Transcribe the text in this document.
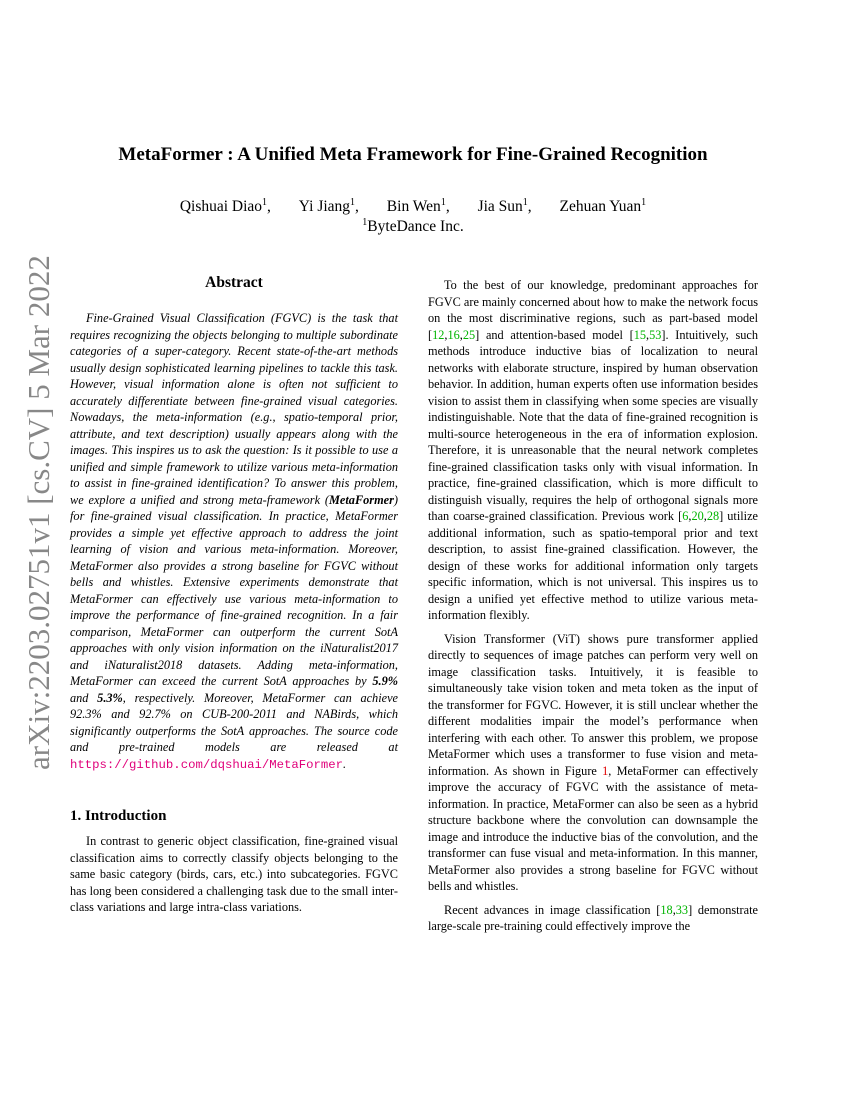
arXiv:2203.02751v1 [cs.CV] 5 Mar 2022
MetaFormer : A Unified Meta Framework for Fine-Grained Recognition
Qishuai Diao$^1$, Yi Jiang$^1$, Bin Wen$^1$, Jia Sun$^1$, Zehuan Yuan$^1$
$^1$ByteDance Inc.
Abstract

Fine-Grained Visual Classification (FGVC) is the task that requires recognizing the objects belonging to multiple subordinate categories of a super-category. Recent state-of-the-art methods usually design sophisticated learning pipelines to tackle this task. However, visual information alone is often not sufficient to accurately differentiate between fine-grained visual categories. Nowadays, the meta-information (e.g., spatio-temporal prior, attribute, and text description) usually appears along with the images. This inspires us to ask the question: Is it possible to use a unified and simple framework to utilize various meta-information to assist in fine-grained identification? To answer this problem, we explore a unified and strong meta-framework (MetaFormer) for fine-grained visual classification. In practice, MetaFormer provides a simple yet effective approach to address the joint learning of vision and various meta-information. Moreover, MetaFormer also provides a strong baseline for FGVC without bells and whistles. Extensive experiments demonstrate that MetaFormer can effectively use various meta-information to improve the performance of fine-grained recognition. In a fair comparison, MetaFormer can outperform the current SotA approaches with only vision information on the iNaturalist2017 and iNaturalist2018 datasets. Adding meta-information, MetaFormer can exceed the current SotA approaches by 5.9% and 5.3%, respectively. Moreover, MetaFormer can achieve 92.3% and 92.7% on CUB-200-2011 and NABirds, which significantly outperforms the SotA approaches. The source code and pre-trained models are released at https://github.com/dqshuai/MetaFormer.

1. Introduction

In contrast to generic object classification, fine-grained visual classification aims to correctly classify objects belonging to the same basic category (birds, cars, etc.) into subcategories. FGVC has long been considered a challenging task due to the small inter-class variations and large intra-class variations.

To the best of our knowledge, predominant approaches for FGVC are mainly concerned about how to make the network focus on the most discriminative regions, such as part-based model [12,16,25] and attention-based model [15,53]. Intuitively, such methods introduce inductive bias of localization to neural networks with elaborate structure, inspired by human observation behavior. In addition, human experts often use information besides vision to assist them in classifying when some species are visually indistinguishable. Note that the data of fine-grained recognition is multi-source heterogeneous in the era of information explosion. Therefore, it is unreasonable that the neural network completes fine-grained classification tasks only with visual information. In practice, fine-grained classification, which is more difficult to distinguish visually, requires the help of orthogonal signals more than coarse-grained classification. Previous work [6,20,28] utilize additional information, such as spatio-temporal prior and text description, to assist fine-grained classification. However, the design of these works for additional information only targets specific information, which is not universal. This inspires us to design a unified yet effective method to utilize various meta-information flexibly.

Vision Transformer (ViT) shows pure transformer applied directly to sequences of image patches can perform very well on image classification tasks. Intuitively, it is feasible to simultaneously take vision token and meta token as the input of the transformer for FGVC. However, it is still unclear whether the different modalities impair the model’s performance when interfering with each other. To answer this problem, we propose MetaFormer which uses a transformer to fuse vision and meta-information. As shown in Figure 1, MetaFormer can effectively improve the accuracy of FGVC with the assistance of meta-information. In practice, MetaFormer can also be seen as a hybrid structure backbone where the convolution can downsample the image and introduce the inductive bias of the convolution, and the transformer can fuse visual and meta-information. In this manner, MetaFormer also provides a strong baseline for FGVC without bells and whistles.

Recent advances in image classification [18,33] demonstrate large-scale pre-training could effectively improve the
